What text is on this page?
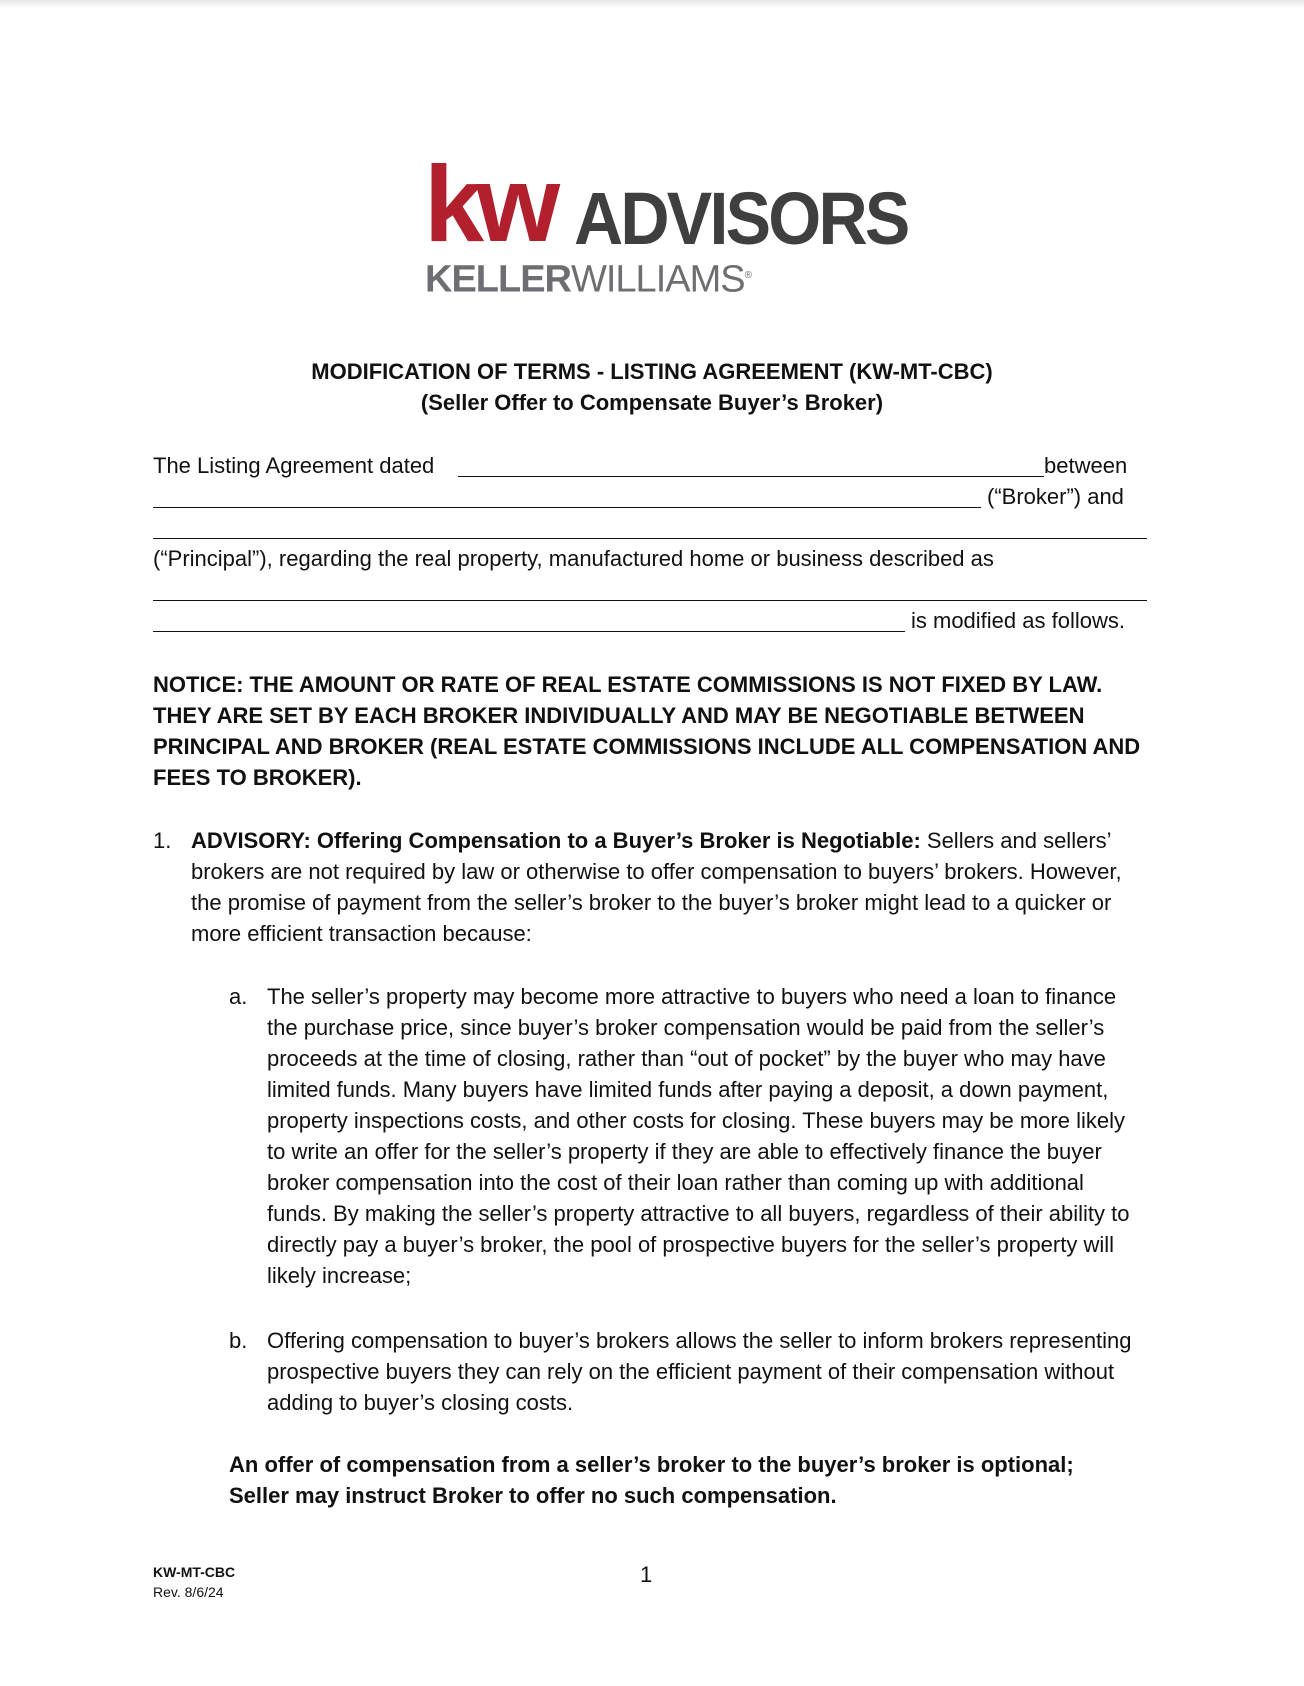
kw ADVISORS
KELLERWILLIAMS®
MODIFICATION OF TERMS - LISTING AGREEMENT (KW-MT-CBC)
(Seller Offer to Compensate Buyer’s Broker)
The Listing Agreement dated	between
(“Broker”) and
(“Principal”), regarding the real property, manufactured home or business described as
is modified as follows.
NOTICE: THE AMOUNT OR RATE OF REAL ESTATE COMMISSIONS IS NOT FIXED BY LAW. THEY ARE SET BY EACH BROKER INDIVIDUALLY AND MAY BE NEGOTIABLE BETWEEN PRINCIPAL AND BROKER (REAL ESTATE COMMISSIONS INCLUDE ALL COMPENSATION AND FEES TO BROKER).
1. ADVISORY: Offering Compensation to a Buyer’s Broker is Negotiable: Sellers and sellers’ brokers are not required by law or otherwise to offer compensation to buyers’ brokers. However, the promise of payment from the seller’s broker to the buyer’s broker might lead to a quicker or more efficient transaction because:
a. The seller’s property may become more attractive to buyers who need a loan to finance the purchase price, since buyer’s broker compensation would be paid from the seller’s proceeds at the time of closing, rather than “out of pocket” by the buyer who may have limited funds. Many buyers have limited funds after paying a deposit, a down payment, property inspections costs, and other costs for closing. These buyers may be more likely to write an offer for the seller’s property if they are able to effectively finance the buyer broker compensation into the cost of their loan rather than coming up with additional funds. By making the seller’s property attractive to all buyers, regardless of their ability to directly pay a buyer’s broker, the pool of prospective buyers for the seller’s property will likely increase;
b. Offering compensation to buyer’s brokers allows the seller to inform brokers representing prospective buyers they can rely on the efficient payment of their compensation without adding to buyer’s closing costs.
An offer of compensation from a seller’s broker to the buyer’s broker is optional; Seller may instruct Broker to offer no such compensation.
KW-MT-CBC
Rev. 8/6/24
1
